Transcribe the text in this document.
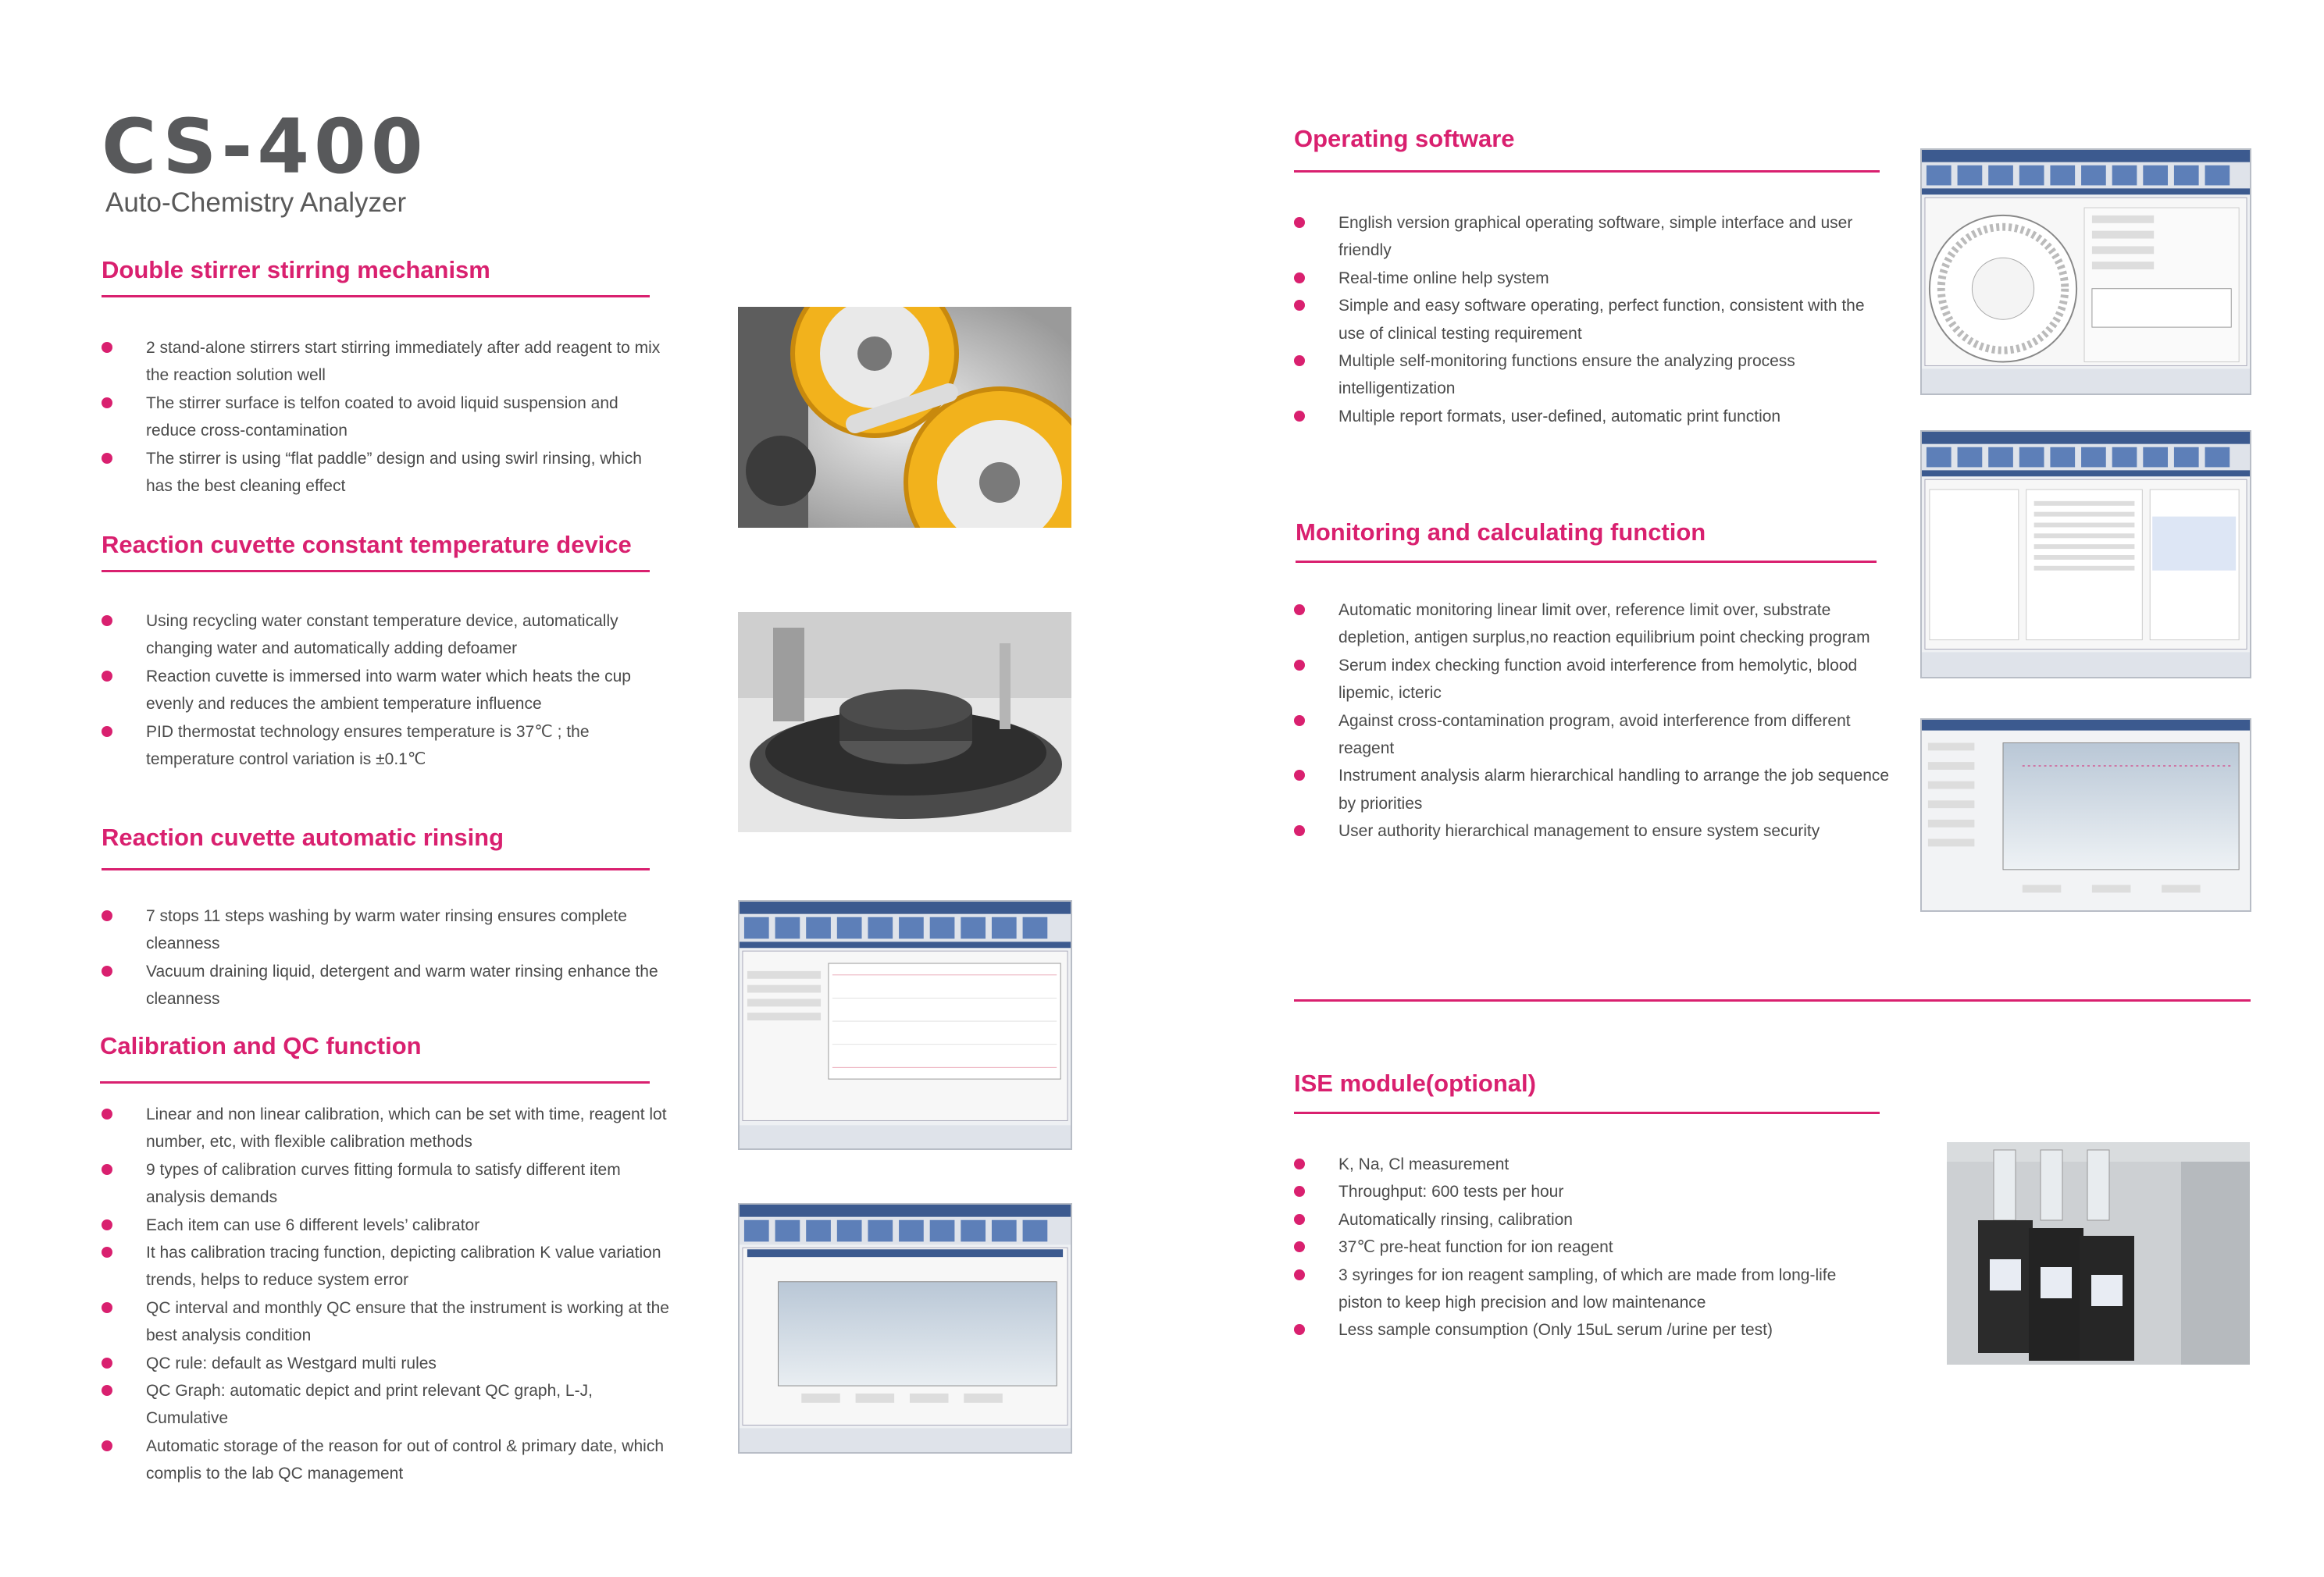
CS-400
Auto-Chemistry Analyzer
Double stirrer stirring mechanism
2 stand-alone stirrers start stirring immediately after add reagent to mix the reaction solution well
The stirrer surface is telfon coated to avoid liquid suspension and reduce cross-contamination
The stirrer is using “flat paddle” design and using swirl rinsing, which has the best cleaning effect
Reaction cuvette constant temperature device
Using recycling water constant temperature device, automatically changing water and automatically adding defoamer
Reaction cuvette is immersed into warm water which heats the cup evenly and reduces the ambient temperature influence
PID thermostat technology ensures temperature is 37℃ ; the temperature control variation is ±0.1℃
Reaction cuvette automatic rinsing
7 stops 11 steps washing by warm water rinsing ensures complete cleanness
Vacuum draining liquid, detergent and warm water rinsing enhance the cleanness
Calibration and QC function
Linear and non linear calibration, which can be set with time, reagent lot number, etc, with flexible calibration methods
9 types of calibration curves fitting formula to satisfy different item analysis demands
Each item can use 6 different levels’ calibrator
It has calibration tracing function, depicting calibration K value variation trends, helps to reduce system error
QC interval and monthly QC ensure that the instrument is working at the best analysis condition
QC rule: default as Westgard multi rules
QC Graph: automatic depict and print relevant QC graph, L-J, Cumulative
Automatic storage of the reason for out of control & primary date, which complis to the lab QC management
Operating software
English version graphical operating software, simple interface and user friendly
Real-time online help system
Simple and easy software operating, perfect function, consistent with the use of clinical testing requirement
Multiple self-monitoring functions ensure the analyzing process intelligentization
Multiple report formats, user-defined, automatic print function
Monitoring and calculating function
Automatic monitoring linear limit over, reference limit over, substrate depletion, antigen surplus,no reaction equilibrium point checking program
Serum index checking function avoid interference from hemolytic, blood lipemic, icteric
Against cross-contamination program, avoid interference from different reagent
Instrument analysis alarm hierarchical handling to arrange the job sequence by priorities
User authority hierarchical management to ensure system security
ISE module(optional)
K, Na, Cl measurement
Throughput: 600 tests per hour
Automatically rinsing, calibration
37℃ pre-heat function for ion reagent
3 syringes for ion reagent sampling, of which are made from long-life piston to keep high precision and low maintenance
Less sample consumption (Only 15uL serum /urine per test)
